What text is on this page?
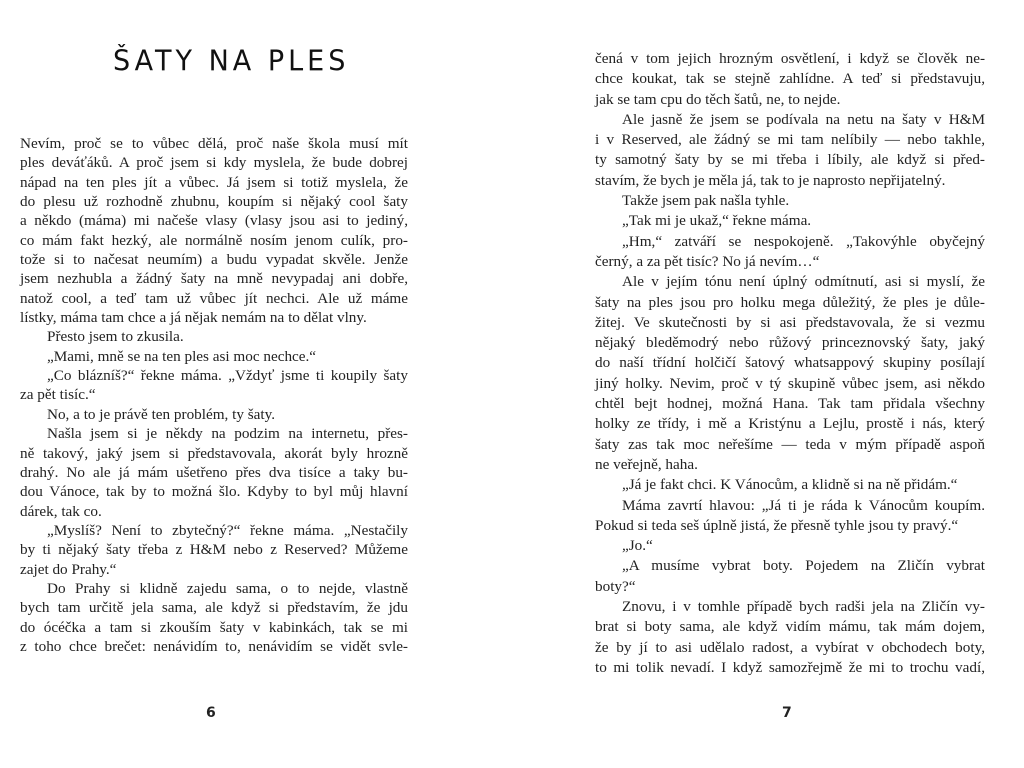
ŠATY NA PLES
Nevím, proč se to vůbec dělá, proč naše škola musí mít
ples deváťáků. A proč jsem si kdy myslela, že bude dobrej
nápad na ten ples jít a vůbec. Já jsem si totiž myslela, že
do plesu už rozhodně zhubnu, koupím si nějaký cool šaty
a někdo (máma) mi načeše vlasy (vlasy jsou asi to jediný,
co mám fakt hezký, ale normálně nosím jenom culík, pro-
tože si to načesat neumím) a budu vypadat skvěle. Jenže
jsem nezhubla a žádný šaty na mně nevypadaj ani dobře,
natož cool, a teď tam už vůbec jít nechci. Ale už máme
lístky, máma tam chce a já nějak nemám na to dělat vlny.
Přesto jsem to zkusila.
„Mami, mně se na ten ples asi moc nechce.“
„Co blázníš?“ řekne máma. „Vždyť jsme ti koupily šaty
za pět tisíc.“
No, a to je právě ten problém, ty šaty.
Našla jsem si je někdy na podzim na internetu, přes-
ně takový, jaký jsem si představovala, akorát byly hrozně
drahý. No ale já mám ušetřeno přes dva tisíce a taky bu-
dou Vánoce, tak by to možná šlo. Kdyby to byl můj hlavní
dárek, tak co.
„Myslíš? Není to zbytečný?“ řekne máma. „Nestačily
by ti nějaký šaty třeba z H&M nebo z Reserved? Můžeme
zajet do Prahy.“
Do Prahy si klidně zajedu sama, o to nejde, vlastně
bych tam určitě jela sama, ale když si představím, že jdu
do ócéčka a tam si zkouším šaty v kabinkách, tak se mi
z toho chce brečet: nenávidím to, nenávidím se vidět svle-
6
čená v tom jejich hrozným osvětlení, i když se člověk ne-
chce koukat, tak se stejně zahlídne. A teď si představuju,
jak se tam cpu do těch šatů, ne, to nejde.
Ale jasně že jsem se podívala na netu na šaty v H&M
i v Reserved, ale žádný se mi tam nelíbily — nebo takhle,
ty samotný šaty by se mi třeba i líbily, ale když si před-
stavím, že bych je měla já, tak to je naprosto nepřijatelný.
Takže jsem pak našla tyhle.
„Tak mi je ukaž,“ řekne máma.
„Hm,“ zatváří se nespokojeně. „Takovýhle obyčejný
černý, a za pět tisíc? No já nevím…“
Ale v jejím tónu není úplný odmítnutí, asi si myslí, že
šaty na ples jsou pro holku mega důležitý, že ples je důle-
žitej. Ve skutečnosti by si asi představovala, že si vezmu
nějaký bleděmodrý nebo růžový princeznovský šaty, jaký
do naší třídní holčičí šatový whatsappový skupiny posílají
jiný holky. Nevim, proč v tý skupině vůbec jsem, asi někdo
chtěl bejt hodnej, možná Hana. Tak tam přidala všechny
holky ze třídy, i mě a Kristýnu a Lejlu, prostě i nás, který
šaty zas tak moc neřešíme — teda v mým případě aspoň
ne veřejně, haha.
„Já je fakt chci. K Vánocům, a klidně si na ně přidám.“
Máma zavrtí hlavou: „Já ti je ráda k Vánocům koupím.
Pokud si teda seš úplně jistá, že přesně tyhle jsou ty pravý.“
„Jo.“
„A musíme vybrat boty. Pojedem na Zličín vybrat
boty?“
Znovu, i v tomhle případě bych radši jela na Zličín vy-
brat si boty sama, ale když vidím mámu, tak mám dojem,
že by jí to asi udělalo radost, a vybírat v obchodech boty,
to mi tolik nevadí. I když samozřejmě že mi to trochu vadí,
7
